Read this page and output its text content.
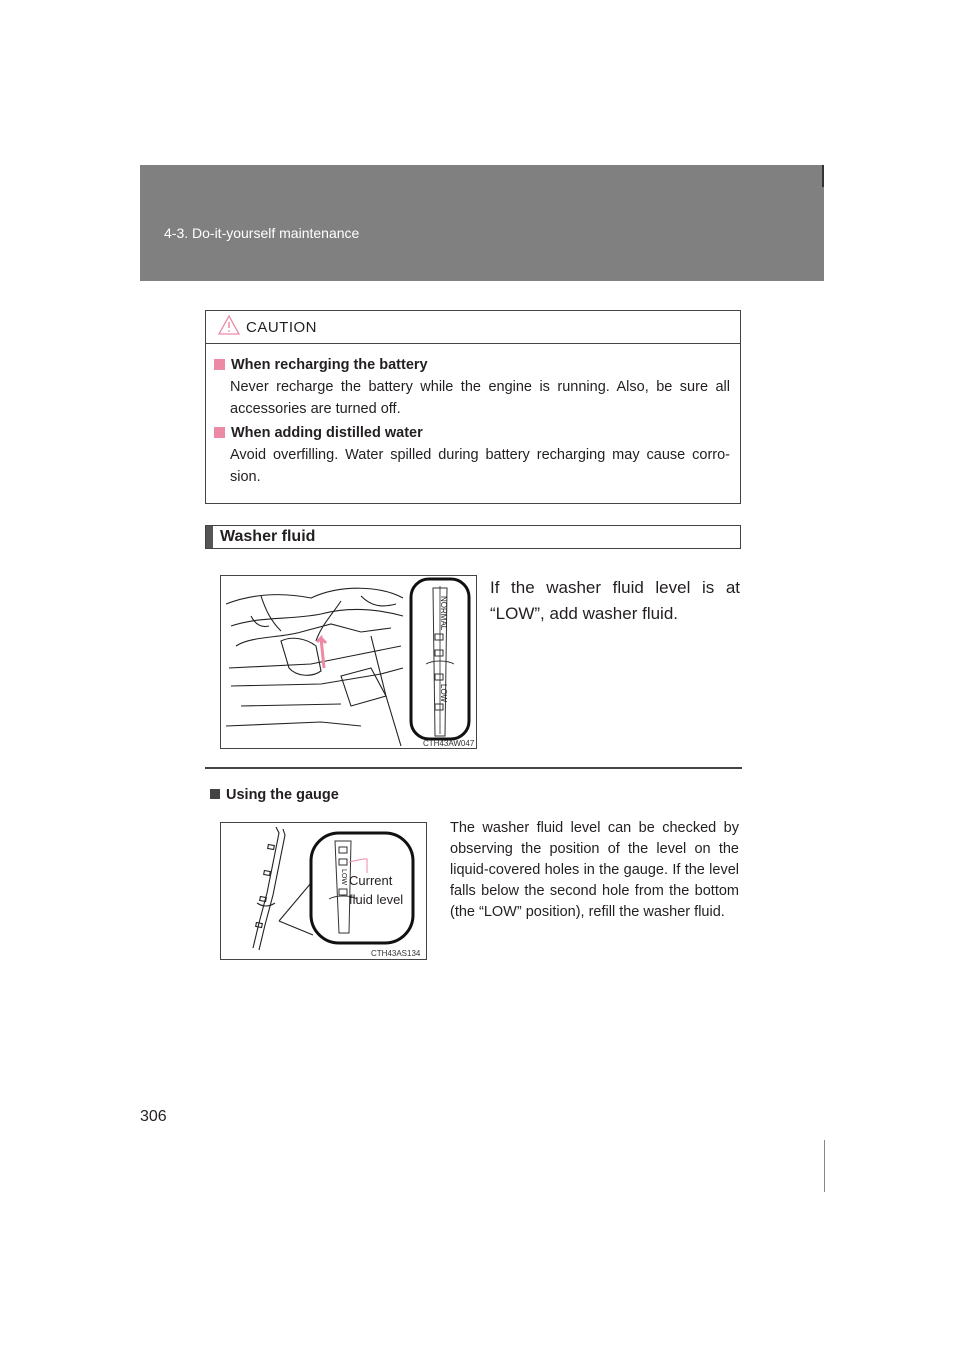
4-3. Do-it-yourself maintenance
CAUTION
When recharging the battery
Never recharge the battery while the engine is running. Also, be sure all accessories are turned off.
When adding distilled water
Avoid overfilling. Water spilled during battery recharging may cause corro-sion.
Washer fluid
NORMAL
LOW
CTH43AW047
If the washer fluid level is at “LOW”, add washer fluid.
Using the gauge
LOW Current
fluid level
CTH43AS134
The washer fluid level can be checked by observing the position of the level on the liquid-covered holes in the gauge. If the level falls below the second hole from the bottom (the “LOW” position), refill the washer fluid.
306
